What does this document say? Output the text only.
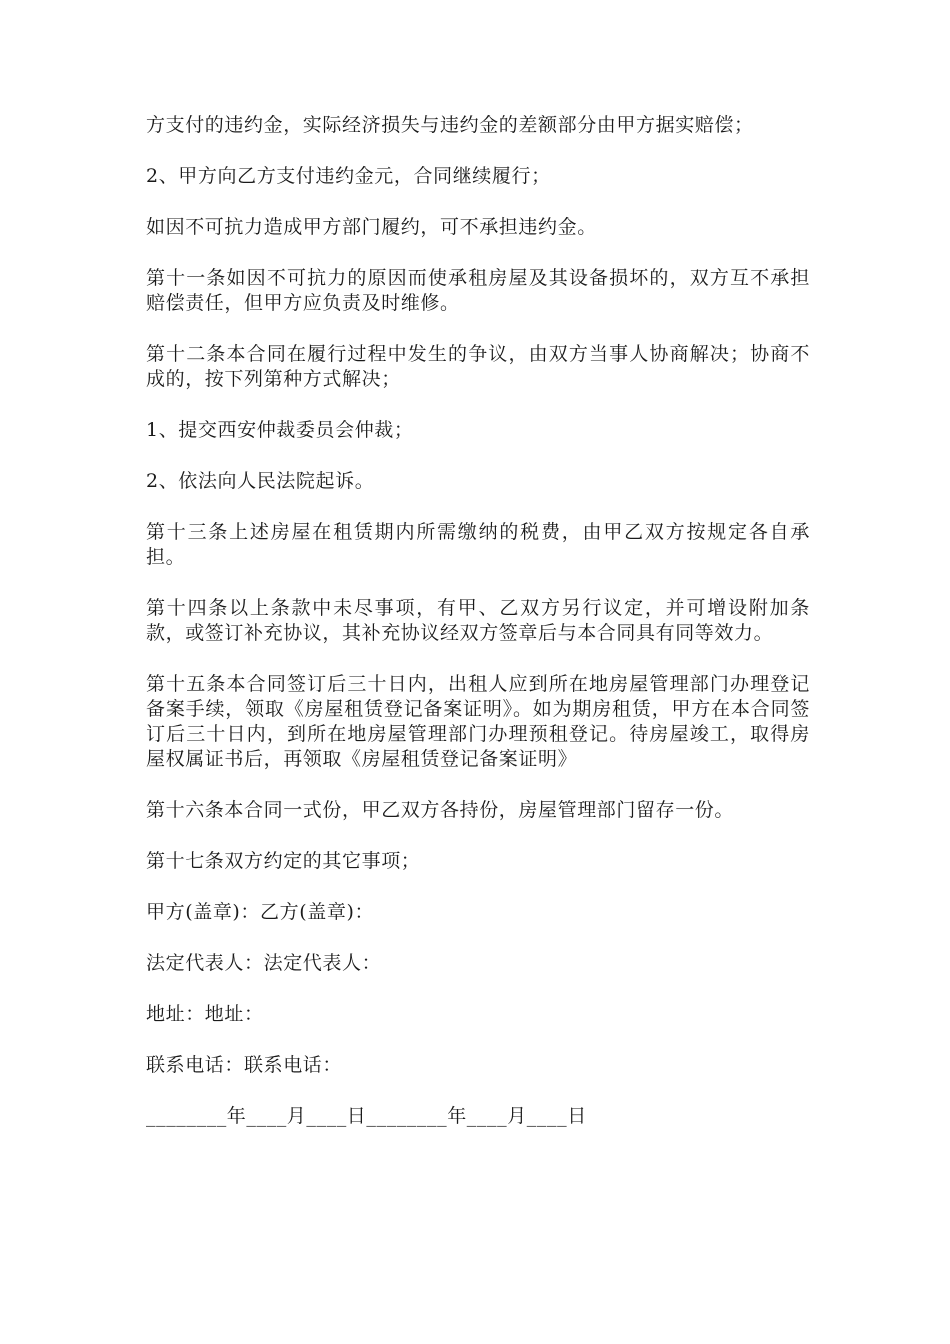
方支付的违约金，实际经济损失与违约金的差额部分由甲方据实赔偿；

2、甲方向乙方支付违约金元，合同继续履行；

如因不可抗力造成甲方部门履约，可不承担违约金。

第十一条如因不可抗力的原因而使承租房屋及其设备损坏的，双方互不承担赔偿责任，但甲方应负责及时维修。

第十二条本合同在履行过程中发生的争议，由双方当事人协商解决；协商不成的，按下列第种方式解决；

1、提交西安仲裁委员会仲裁；

2、依法向人民法院起诉。

第十三条上述房屋在租赁期内所需缴纳的税费，由甲乙双方按规定各自承担。

第十四条以上条款中未尽事项，有甲、乙双方另行议定，并可增设附加条款，或签订补充协议，其补充协议经双方签章后与本合同具有同等效力。

第十五条本合同签订后三十日内，出租人应到所在地房屋管理部门办理登记备案手续，领取《房屋租赁登记备案证明》。如为期房租赁，甲方在本合同签订后三十日内，到所在地房屋管理部门办理预租登记。待房屋竣工，取得房屋权属证书后，再领取《房屋租赁登记备案证明》

第十六条本合同一式份，甲乙双方各持份，房屋管理部门留存一份。

第十七条双方约定的其它事项；

甲方(盖章)：乙方(盖章)：

法定代表人：法定代表人：

地址：地址：

联系电话：联系电话：

________年____月____日________年____月____日
